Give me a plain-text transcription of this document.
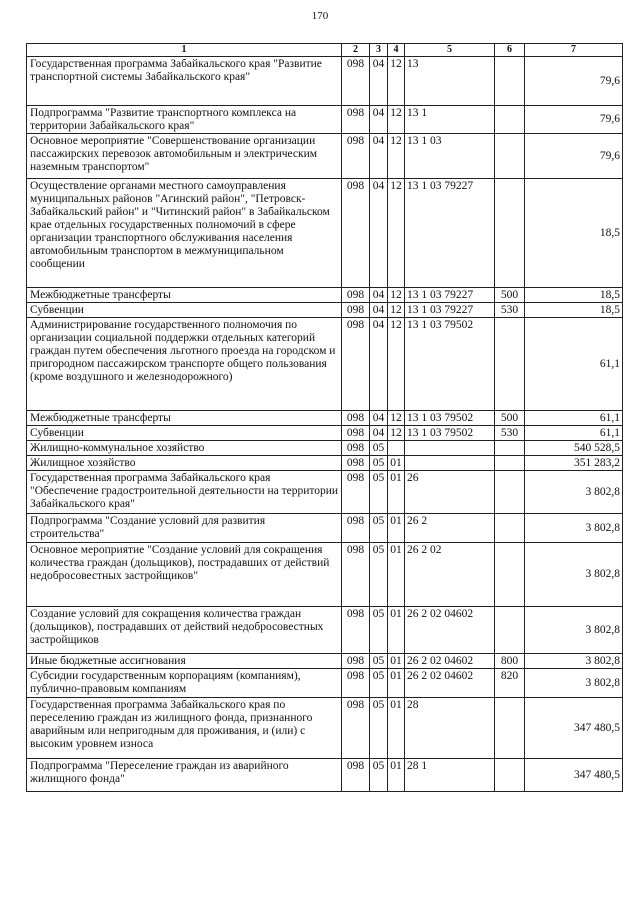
170
1	2	3	4	5	6	7
Государственная программа Забайкальского края "Развитие транспортной системы Забайкальского края"	098	04	12	13		79,6
Подпрограмма "Развитие транспортного комплекса на территории Забайкальского края"	098	04	12	13 1		79,6
Основное мероприятие "Совершенствование организации пассажирских перевозок автомобильным и электрическим наземным транспортом"	098	04	12	13 1 03		79,6
Осуществление органами местного самоуправления муниципальных районов "Агинский район", "Петровск-Забайкальский район" и "Читинский район" в Забайкальском крае отдельных государственных полномочий в сфере организации транспортного обслуживания населения автомобильным транспортом в межмуниципальном сообщении	098	04	12	13 1 03 79227		18,5
Межбюджетные трансферты	098	04	12	13 1 03 79227	500	18,5
Субвенции	098	04	12	13 1 03 79227	530	18,5
Администрирование государственного полномочия по организации социальной поддержки отдельных категорий граждан путем обеспечения льготного проезда на городском и пригородном пассажирском транспорте общего пользования (кроме воздушного и железнодорожного)	098	04	12	13 1 03 79502		61,1
Межбюджетные трансферты	098	04	12	13 1 03 79502	500	61,1
Субвенции	098	04	12	13 1 03 79502	530	61,1
Жилищно-коммунальное хозяйство	098	05				540 528,5
Жилищное хозяйство	098	05	01			351 283,2
Государственная программа Забайкальского края "Обеспечение градостроительной деятельности на территории Забайкальского края"	098	05	01	26		3 802,8
Подпрограмма "Создание условий для развития строительства"	098	05	01	26 2		3 802,8
Основное мероприятие "Создание условий для сокращения количества граждан (дольщиков), пострадавших от действий недобросовестных застройщиков"	098	05	01	26 2 02		3 802,8
Создание условий для сокращения количества граждан (дольщиков), пострадавших от действий недобросовестных застройщиков	098	05	01	26 2 02 04602		3 802,8
Иные бюджетные ассигнования	098	05	01	26 2 02 04602	800	3 802,8
Субсидии государственным корпорациям (компаниям), публично-правовым компаниям	098	05	01	26 2 02 04602	820	3 802,8
Государственная программа Забайкальского края по переселению граждан из жилищного фонда, признанного аварийным или непригодным для проживания, и (или) с высоким уровнем износа	098	05	01	28		347 480,5
Подпрограмма "Переселение граждан из аварийного жилищного фонда"	098	05	01	28 1		347 480,5
